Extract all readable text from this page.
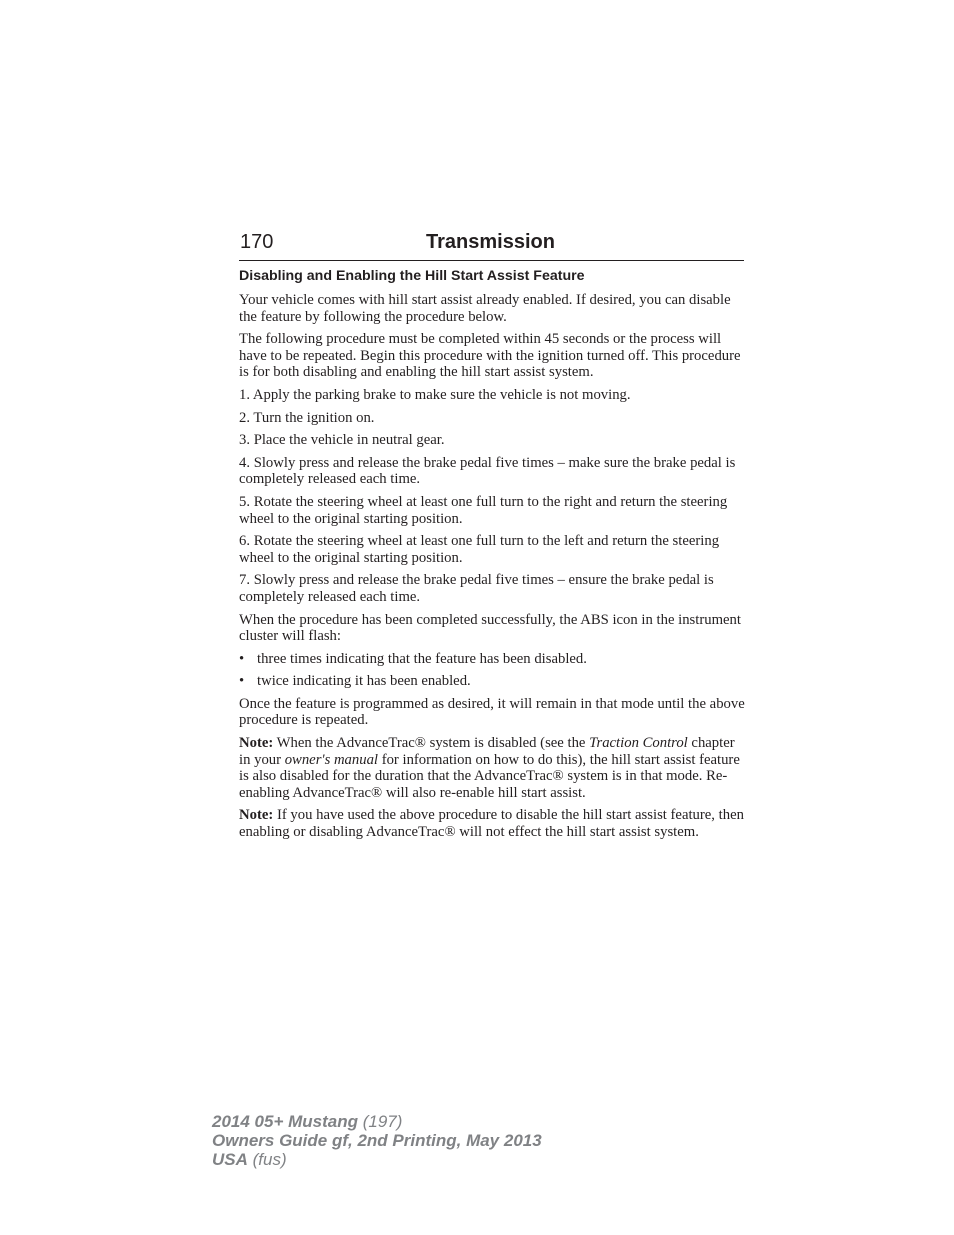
170	Transmission
Disabling and Enabling the Hill Start Assist Feature

Your vehicle comes with hill start assist already enabled. If desired, you can disable the feature by following the procedure below.

The following procedure must be completed within 45 seconds or the process will have to be repeated. Begin this procedure with the ignition turned off. This procedure is for both disabling and enabling the hill start assist system.

1. Apply the parking brake to make sure the vehicle is not moving.

2. Turn the ignition on.

3. Place the vehicle in neutral gear.

4. Slowly press and release the brake pedal five times – make sure the brake pedal is completely released each time.

5. Rotate the steering wheel at least one full turn to the right and return the steering wheel to the original starting position.

6. Rotate the steering wheel at least one full turn to the left and return the steering wheel to the original starting position.

7. Slowly press and release the brake pedal five times – ensure the brake pedal is completely released each time.

When the procedure has been completed successfully, the ABS icon in the instrument cluster will flash:

• three times indicating that the feature has been disabled.
• twice indicating it has been enabled.

Once the feature is programmed as desired, it will remain in that mode until the above procedure is repeated.

Note: When the AdvanceTrac® system is disabled (see the Traction Control chapter in your owner's manual for information on how to do this), the hill start assist feature is also disabled for the duration that the AdvanceTrac® system is in that mode. Re-enabling AdvanceTrac® will also re-enable hill start assist.

Note: If you have used the above procedure to disable the hill start assist feature, then enabling or disabling AdvanceTrac® will not effect the hill start assist system.

2014 05+ Mustang (197)
Owners Guide gf, 2nd Printing, May 2013
USA (fus)
